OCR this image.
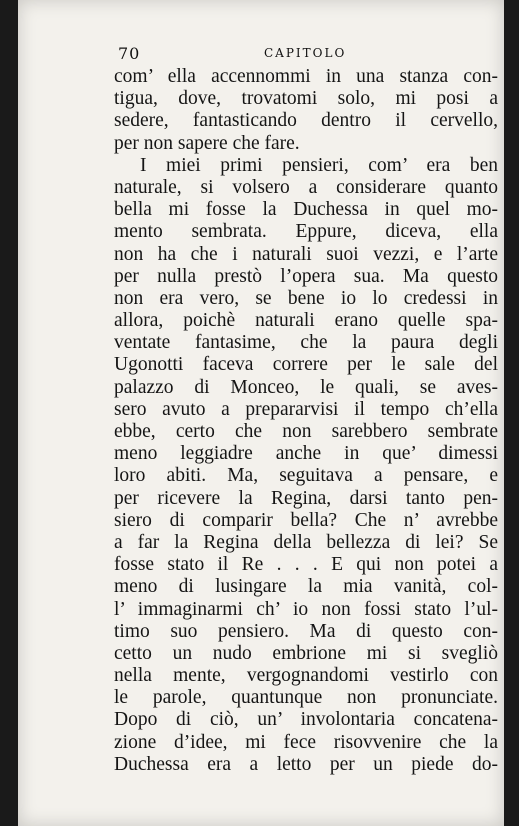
70	CAPITOLO
com’ ella accennommi in una stanza con-
tigua, dove, trovatomi solo, mi posi a
sedere, fantasticando dentro il cervello,
per non sapere che fare.
I miei primi pensieri, com’ era ben
naturale, si volsero a considerare quanto
bella mi fosse la Duchessa in quel mo-
mento sembrata. Eppure, diceva, ella
non ha che i naturali suoi vezzi, e l’arte
per nulla prestò l’opera sua. Ma questo
non era vero, se bene io lo credessi in
allora, poichè naturali erano quelle spa-
ventate fantasime, che la paura degli
Ugonotti faceva correre per le sale del
palazzo di Monceo, le quali, se aves-
sero avuto a prepararvisi il tempo ch’ella
ebbe, certo che non sarebbero sembrate
meno leggiadre anche in que’ dimessi
loro abiti. Ma, seguitava a pensare, e
per ricevere la Regina, darsi tanto pen-
siero di comparir bella? Che n’ avrebbe
a far la Regina della bellezza di lei? Se
fosse stato il Re . . . E qui non potei a
meno di lusingare la mia vanità, col-
l’ immaginarmi ch’ io non fossi stato l’ul-
timo suo pensiero. Ma di questo con-
cetto un nudo embrione mi si svegliò
nella mente, vergognandomi vestirlo con
le parole, quantunque non pronunciate.
Dopo di ciò, un’ involontaria concatena-
zione d’idee, mi fece risovvenire che la
Duchessa era a letto per un piede do-
